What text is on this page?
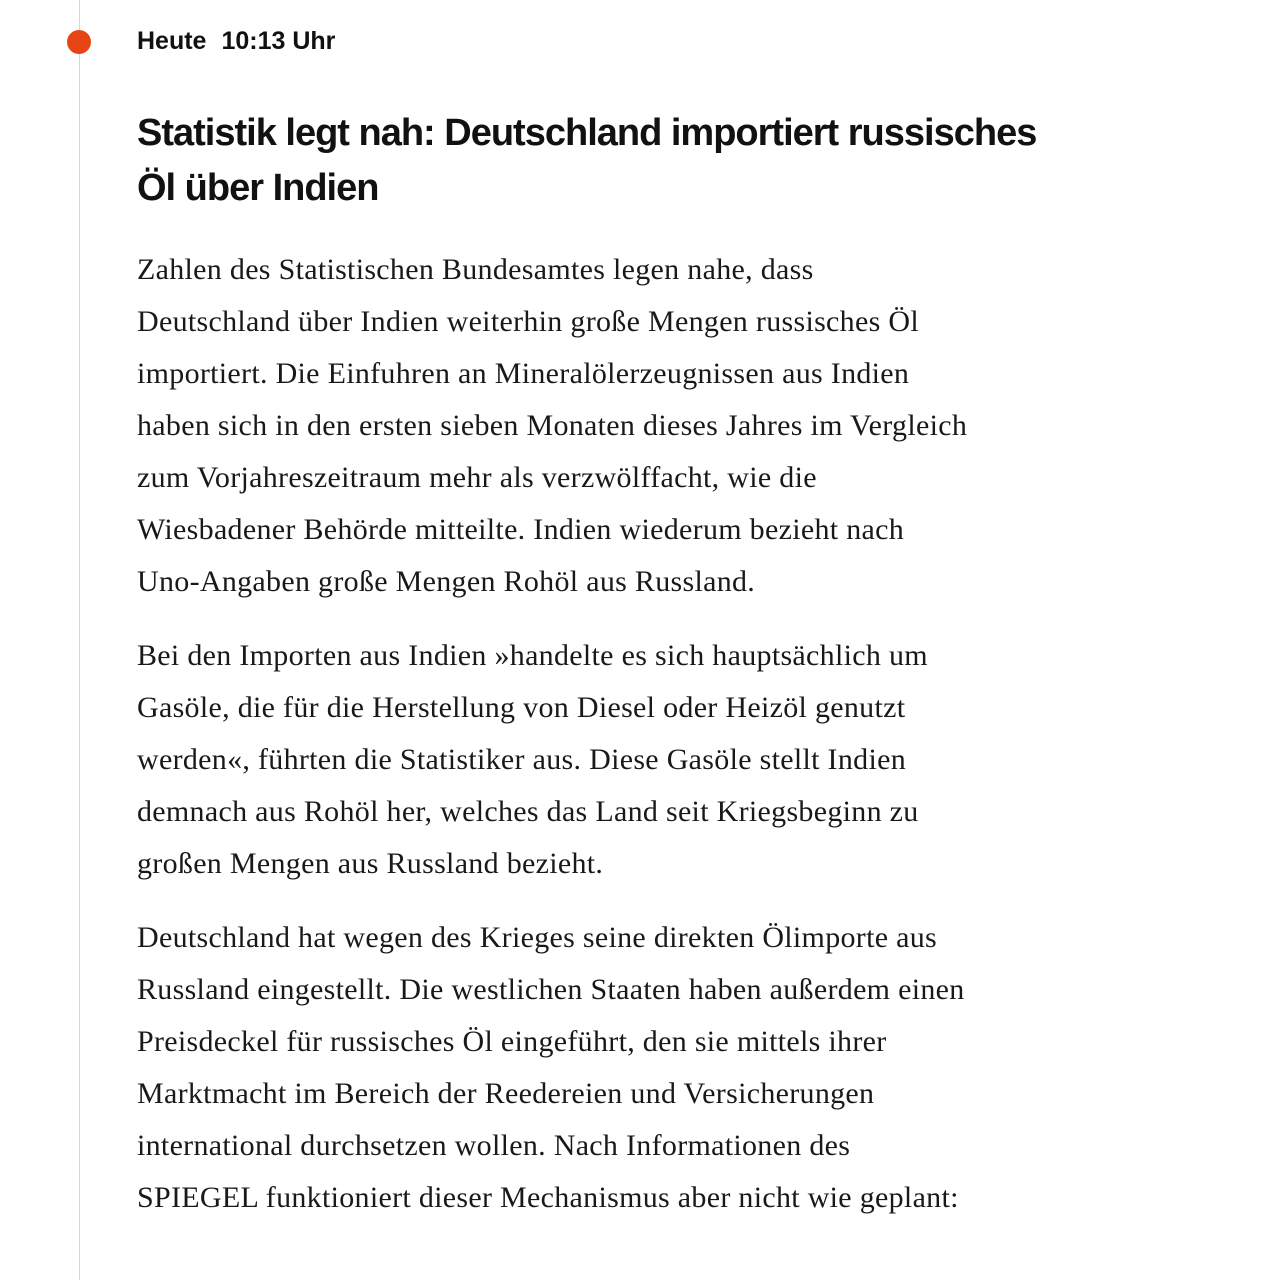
Heute 10:13 Uhr
Statistik legt nah: Deutschland importiert russisches
Öl über Indien
Zahlen des Statistischen Bundesamtes legen nahe, dass
Deutschland über Indien weiterhin große Mengen russisches Öl
importiert. Die Einfuhren an Mineralölerzeugnissen aus Indien
haben sich in den ersten sieben Monaten dieses Jahres im Vergleich
zum Vorjahreszeitraum mehr als verzwölffacht, wie die
Wiesbadener Behörde mitteilte. Indien wiederum bezieht nach
Uno-Angaben große Mengen Rohöl aus Russland.
Bei den Importen aus Indien »handelte es sich hauptsächlich um
Gasöle, die für die Herstellung von Diesel oder Heizöl genutzt
werden«, führten die Statistiker aus. Diese Gasöle stellt Indien
demnach aus Rohöl her, welches das Land seit Kriegsbeginn zu
großen Mengen aus Russland bezieht.
Deutschland hat wegen des Krieges seine direkten Ölimporte aus
Russland eingestellt. Die westlichen Staaten haben außerdem einen
Preisdeckel für russisches Öl eingeführt, den sie mittels ihrer
Marktmacht im Bereich der Reedereien und Versicherungen
international durchsetzen wollen. Nach Informationen des
SPIEGEL funktioniert dieser Mechanismus aber nicht wie geplant:
